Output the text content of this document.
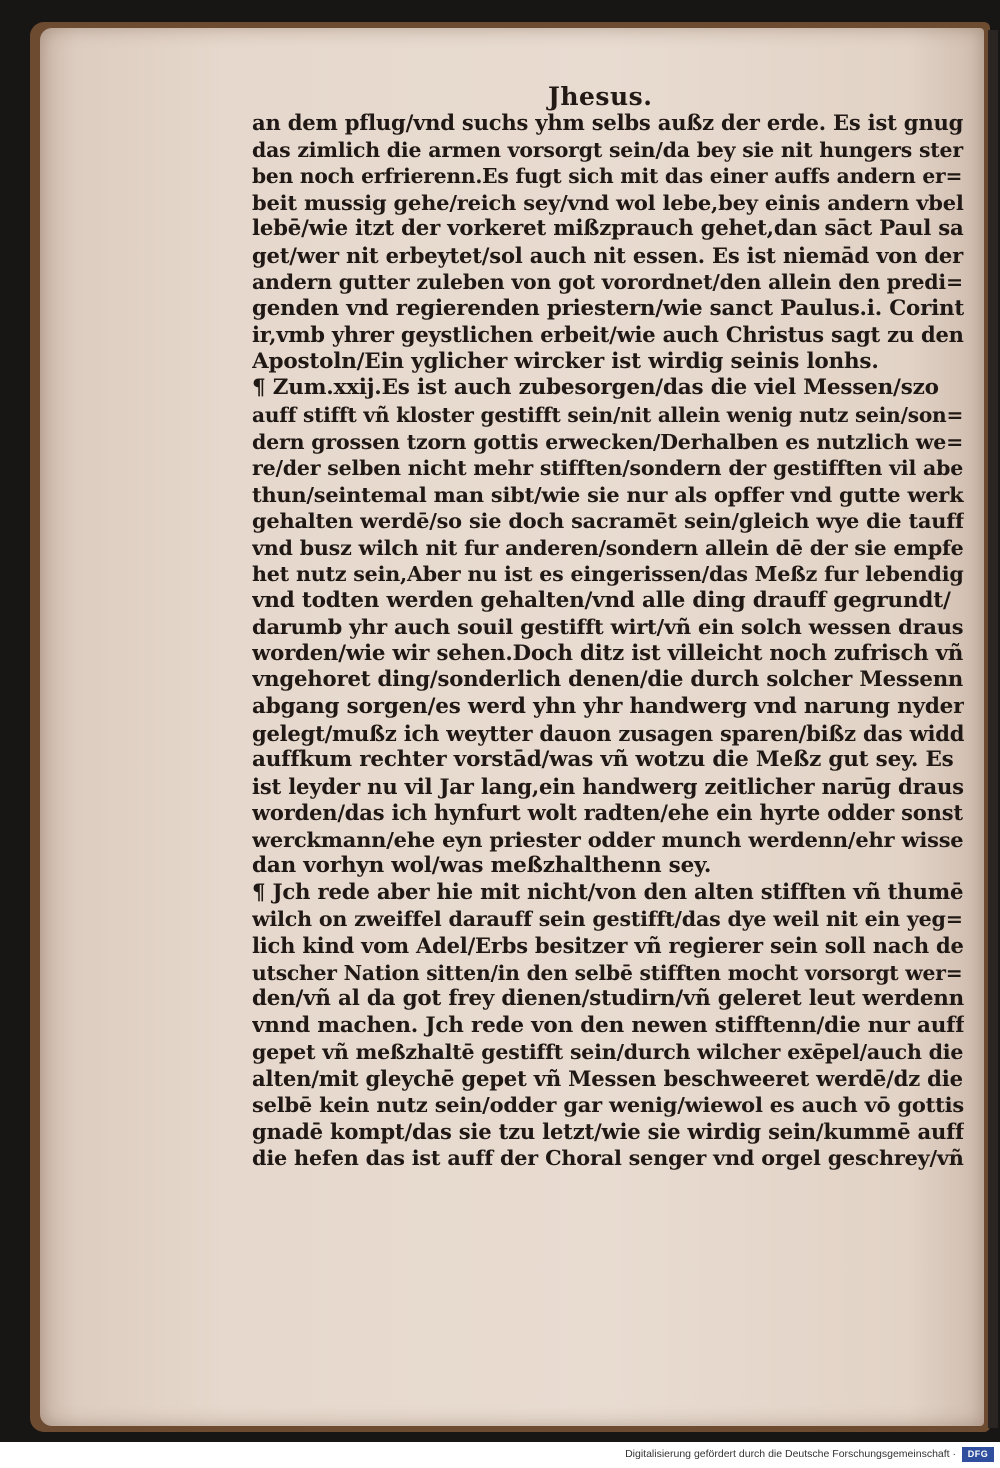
Jhesus.
an dem pflug/vnd suchs yhm selbs außz der erde. Es ist gnug
das zimlich die armen vorsorgt sein/da bey sie nit hungers ster
ben noch erfrierenn.Es fugt sich mit das einer auffs andern er=
beit mussig gehe/reich sey/vnd wol lebe,bey einis andern vbel
lebē/wie itzt der vorkeret mißzprauch gehet,dan sāct Paul sa
get/wer nit erbeytet/sol auch nit essen. Es ist niemād von der
andern gutter zuleben von got vorordnet/den allein den predi=
genden vnd regierenden priestern/wie sanct Paulus.i. Corint
ir,vmb yhrer geystlichen erbeit/wie auch Christus sagt zu den
Apostoln/Ein yglicher wircker ist wirdig seinis lonhs.
¶ Zum.xxij.Es ist auch zubesorgen/das die viel Messen/szo
auff stifft vñ kloster gestifft sein/nit allein wenig nutz sein/son=
dern grossen tzorn gottis erwecken/Derhalben es nutzlich we=
re/der selben nicht mehr stifften/sondern der gestifften vil abe
thun/seintemal man sibt/wie sie nur als opffer vnd gutte werk
gehalten werdē/so sie doch sacramēt sein/gleich wye die tauff
vnd busz wilch nit fur anderen/sondern allein dē der sie empfe
het nutz sein,Aber nu ist es eingerissen/das Meßz fur lebendig
vnd todten werden gehalten/vnd alle ding drauff gegrundt/
darumb yhr auch souil gestifft wirt/vñ ein solch wessen draus
worden/wie wir sehen.Doch ditz ist villeicht noch zufrisch vñ
vngehoret ding/sonderlich denen/die durch solcher Messenn
abgang sorgen/es werd yhn yhr handwerg vnd narung nyder
gelegt/mußz ich weytter dauon zusagen sparen/bißz das widd
auffkum rechter vorstād/was vñ wotzu die Meßz gut sey. Es
ist leyder nu vil Jar lang,ein handwerg zeitlicher narūg draus
worden/das ich hynfurt wolt radten/ehe ein hyrte odder sonst
werckmann/ehe eyn priester odder munch werdenn/ehr wisse
dan vorhyn wol/was meßzhalthenn sey.
¶ Jch rede aber hie mit nicht/von den alten stifften vñ thumē
wilch on zweiffel darauff sein gestifft/das dye weil nit ein yeg=
lich kind vom Adel/Erbs besitzer vñ regierer sein soll nach de
utscher Nation sitten/in den selbē stifften mocht vorsorgt wer=
den/vñ al da got frey dienen/studirn/vñ geleret leut werdenn
vnnd machen. Jch rede von den newen stifftenn/die nur auff
gepet vñ meßzhaltē gestifft sein/durch wilcher exēpel/auch die
alten/mit gleychē gepet vñ Messen beschweeret werdē/dz die
selbē kein nutz sein/odder gar wenig/wiewol es auch vō gottis
gnadē kompt/das sie tzu letzt/wie sie wirdig sein/kummē auff
die hefen das ist auff der Choral senger vnd orgel geschrey/vñ
Digitalisierung gefördert durch die Deutsche Forschungsgemeinschaft ·	DFG
